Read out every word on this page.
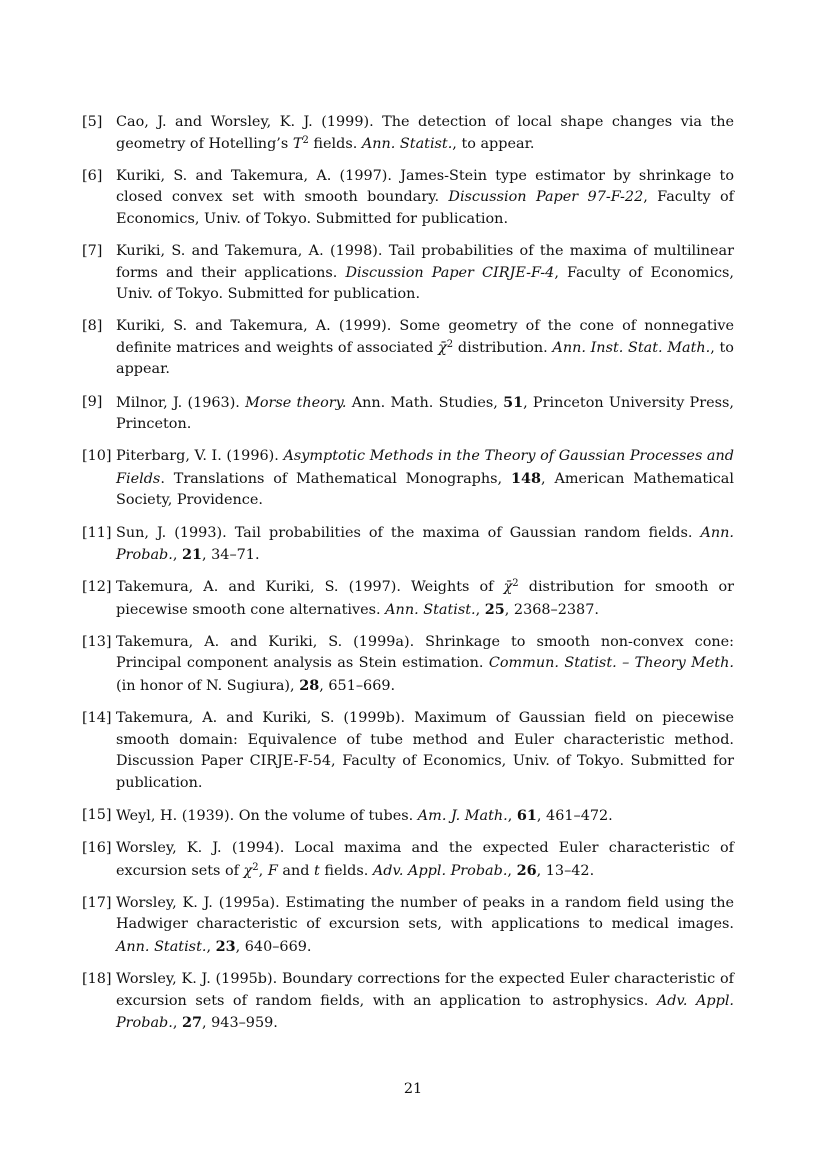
[5] Cao, J. and Worsley, K. J. (1999). The detection of local shape changes via the geometry of Hotelling’s $T^2$ fields. Ann. Statist., to appear.
[6] Kuriki, S. and Takemura, A. (1997). James-Stein type estimator by shrinkage to closed convex set with smooth boundary. Discussion Paper 97-F-22, Faculty of Economics, Univ. of Tokyo. Submitted for publication.
[7] Kuriki, S. and Takemura, A. (1998). Tail probabilities of the maxima of multilinear forms and their applications. Discussion Paper CIRJE-F-4, Faculty of Economics, Univ. of Tokyo. Submitted for publication.
[8] Kuriki, S. and Takemura, A. (1999). Some geometry of the cone of nonnegative definite matrices and weights of associated χ̄$^2$ distribution. Ann. Inst. Stat. Math., to appear.
[9] Milnor, J. (1963). Morse theory. Ann. Math. Studies, 51, Princeton University Press, Princeton.
[10] Piterbarg, V. I. (1996). Asymptotic Methods in the Theory of Gaussian Processes and Fields. Translations of Mathematical Monographs, 148, American Mathematical Society, Providence.
[11] Sun, J. (1993). Tail probabilities of the maxima of Gaussian random fields. Ann. Probab., 21, 34–71.
[12] Takemura, A. and Kuriki, S. (1997). Weights of χ̄$^2$ distribution for smooth or piecewise smooth cone alternatives. Ann. Statist., 25, 2368–2387.
[13] Takemura, A. and Kuriki, S. (1999a). Shrinkage to smooth non-convex cone: Principal component analysis as Stein estimation. Commun. Statist. – Theory Meth. (in honor of N. Sugiura), 28, 651–669.
[14] Takemura, A. and Kuriki, S. (1999b). Maximum of Gaussian field on piecewise smooth domain: Equivalence of tube method and Euler characteristic method. Discussion Paper CIRJE-F-54, Faculty of Economics, Univ. of Tokyo. Submitted for publication.
[15] Weyl, H. (1939). On the volume of tubes. Am. J. Math., 61, 461–472.
[16] Worsley, K. J. (1994). Local maxima and the expected Euler characteristic of excursion sets of $\chi^2$, F and t fields. Adv. Appl. Probab., 26, 13–42.
[17] Worsley, K. J. (1995a). Estimating the number of peaks in a random field using the Hadwiger characteristic of excursion sets, with applications to medical images. Ann. Statist., 23, 640–669.
[18] Worsley, K. J. (1995b). Boundary corrections for the expected Euler characteristic of excursion sets of random fields, with an application to astrophysics. Adv. Appl. Probab., 27, 943–959.
21
